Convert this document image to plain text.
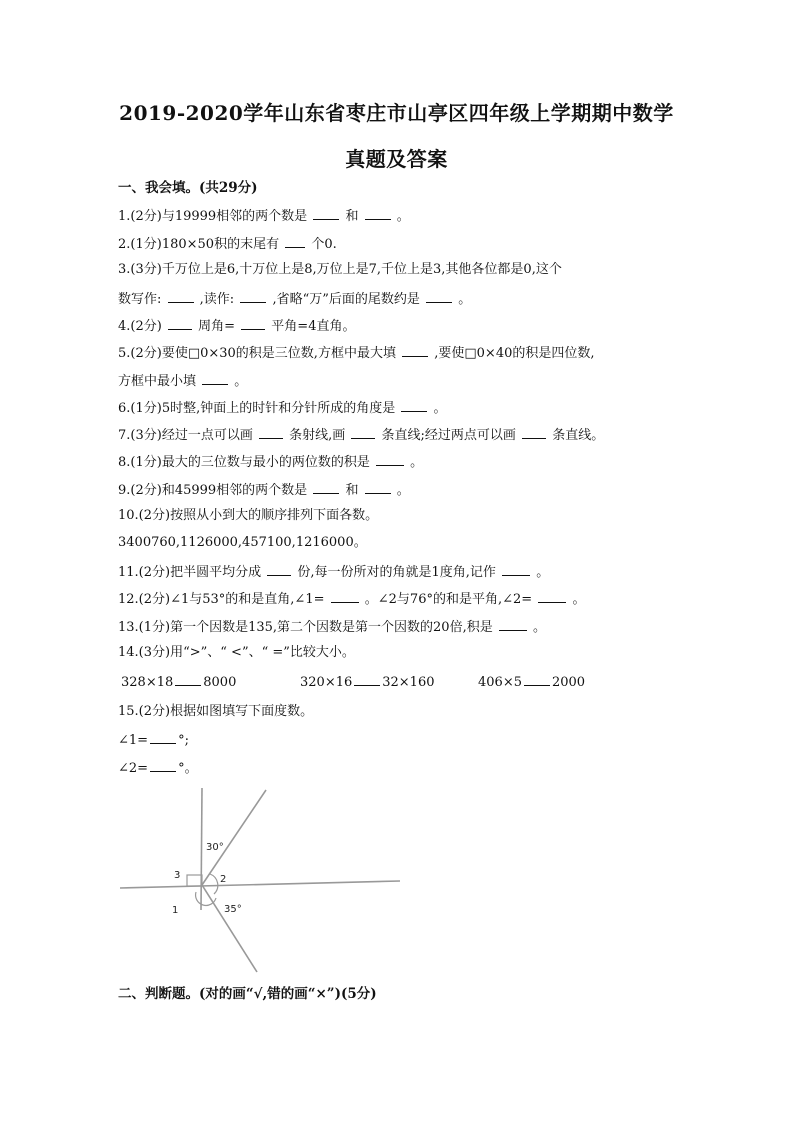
2019-2020学年山东省枣庄市山亭区四年级上学期期中数学
真题及答案
一、我会填。(共29分)
1.(2分)与19999相邻的两个数是	和	。
2.(1分)180×50积的末尾有 个0.
3.(3分)千万位上是6,十万位上是8,万位上是7,千位上是3,其他各位都是0,这个
数写作:	,读作:	,省略“万”后面的尾数约是	。
4.(2分)	周角=	平角=4直角。
5.(2分)要使□0×30的积是三位数,方框中最大填	,要使□0×40的积是四位数,
方框中最小填	。
6.(1分)5时整,钟面上的时针和分针所成的角度是	。
7.(3分)经过一点可以画	条射线,画	条直线;经过两点可以画	条直线。
8.(1分)最大的三位数与最小的两位数的积是	。
9.(2分)和45999相邻的两个数是	和	。
10.(2分)按照从小到大的顺序排列下面各数。
3400760,1126000,457100,1216000。
11.(2分)把半圆平均分成	份,每一份所对的角就是1度角,记作	。
12.(2分)∠1与53°的和是直角,∠1=	。∠2与76°的和是平角,∠2=	。
13.(1分)第一个因数是135,第二个因数是第一个因数的20倍,积是	。
14.(3分)用“>”、“ <”、“ =”比较大小。
328×18 8000	320×16 32×160	406×5 2000
15.(2分)根据如图填写下面度数。
∠1= °;
∠2= °。
30°
3	2
1	35°
二、判断题。(对的画“√,错的画“×”)(5分)
